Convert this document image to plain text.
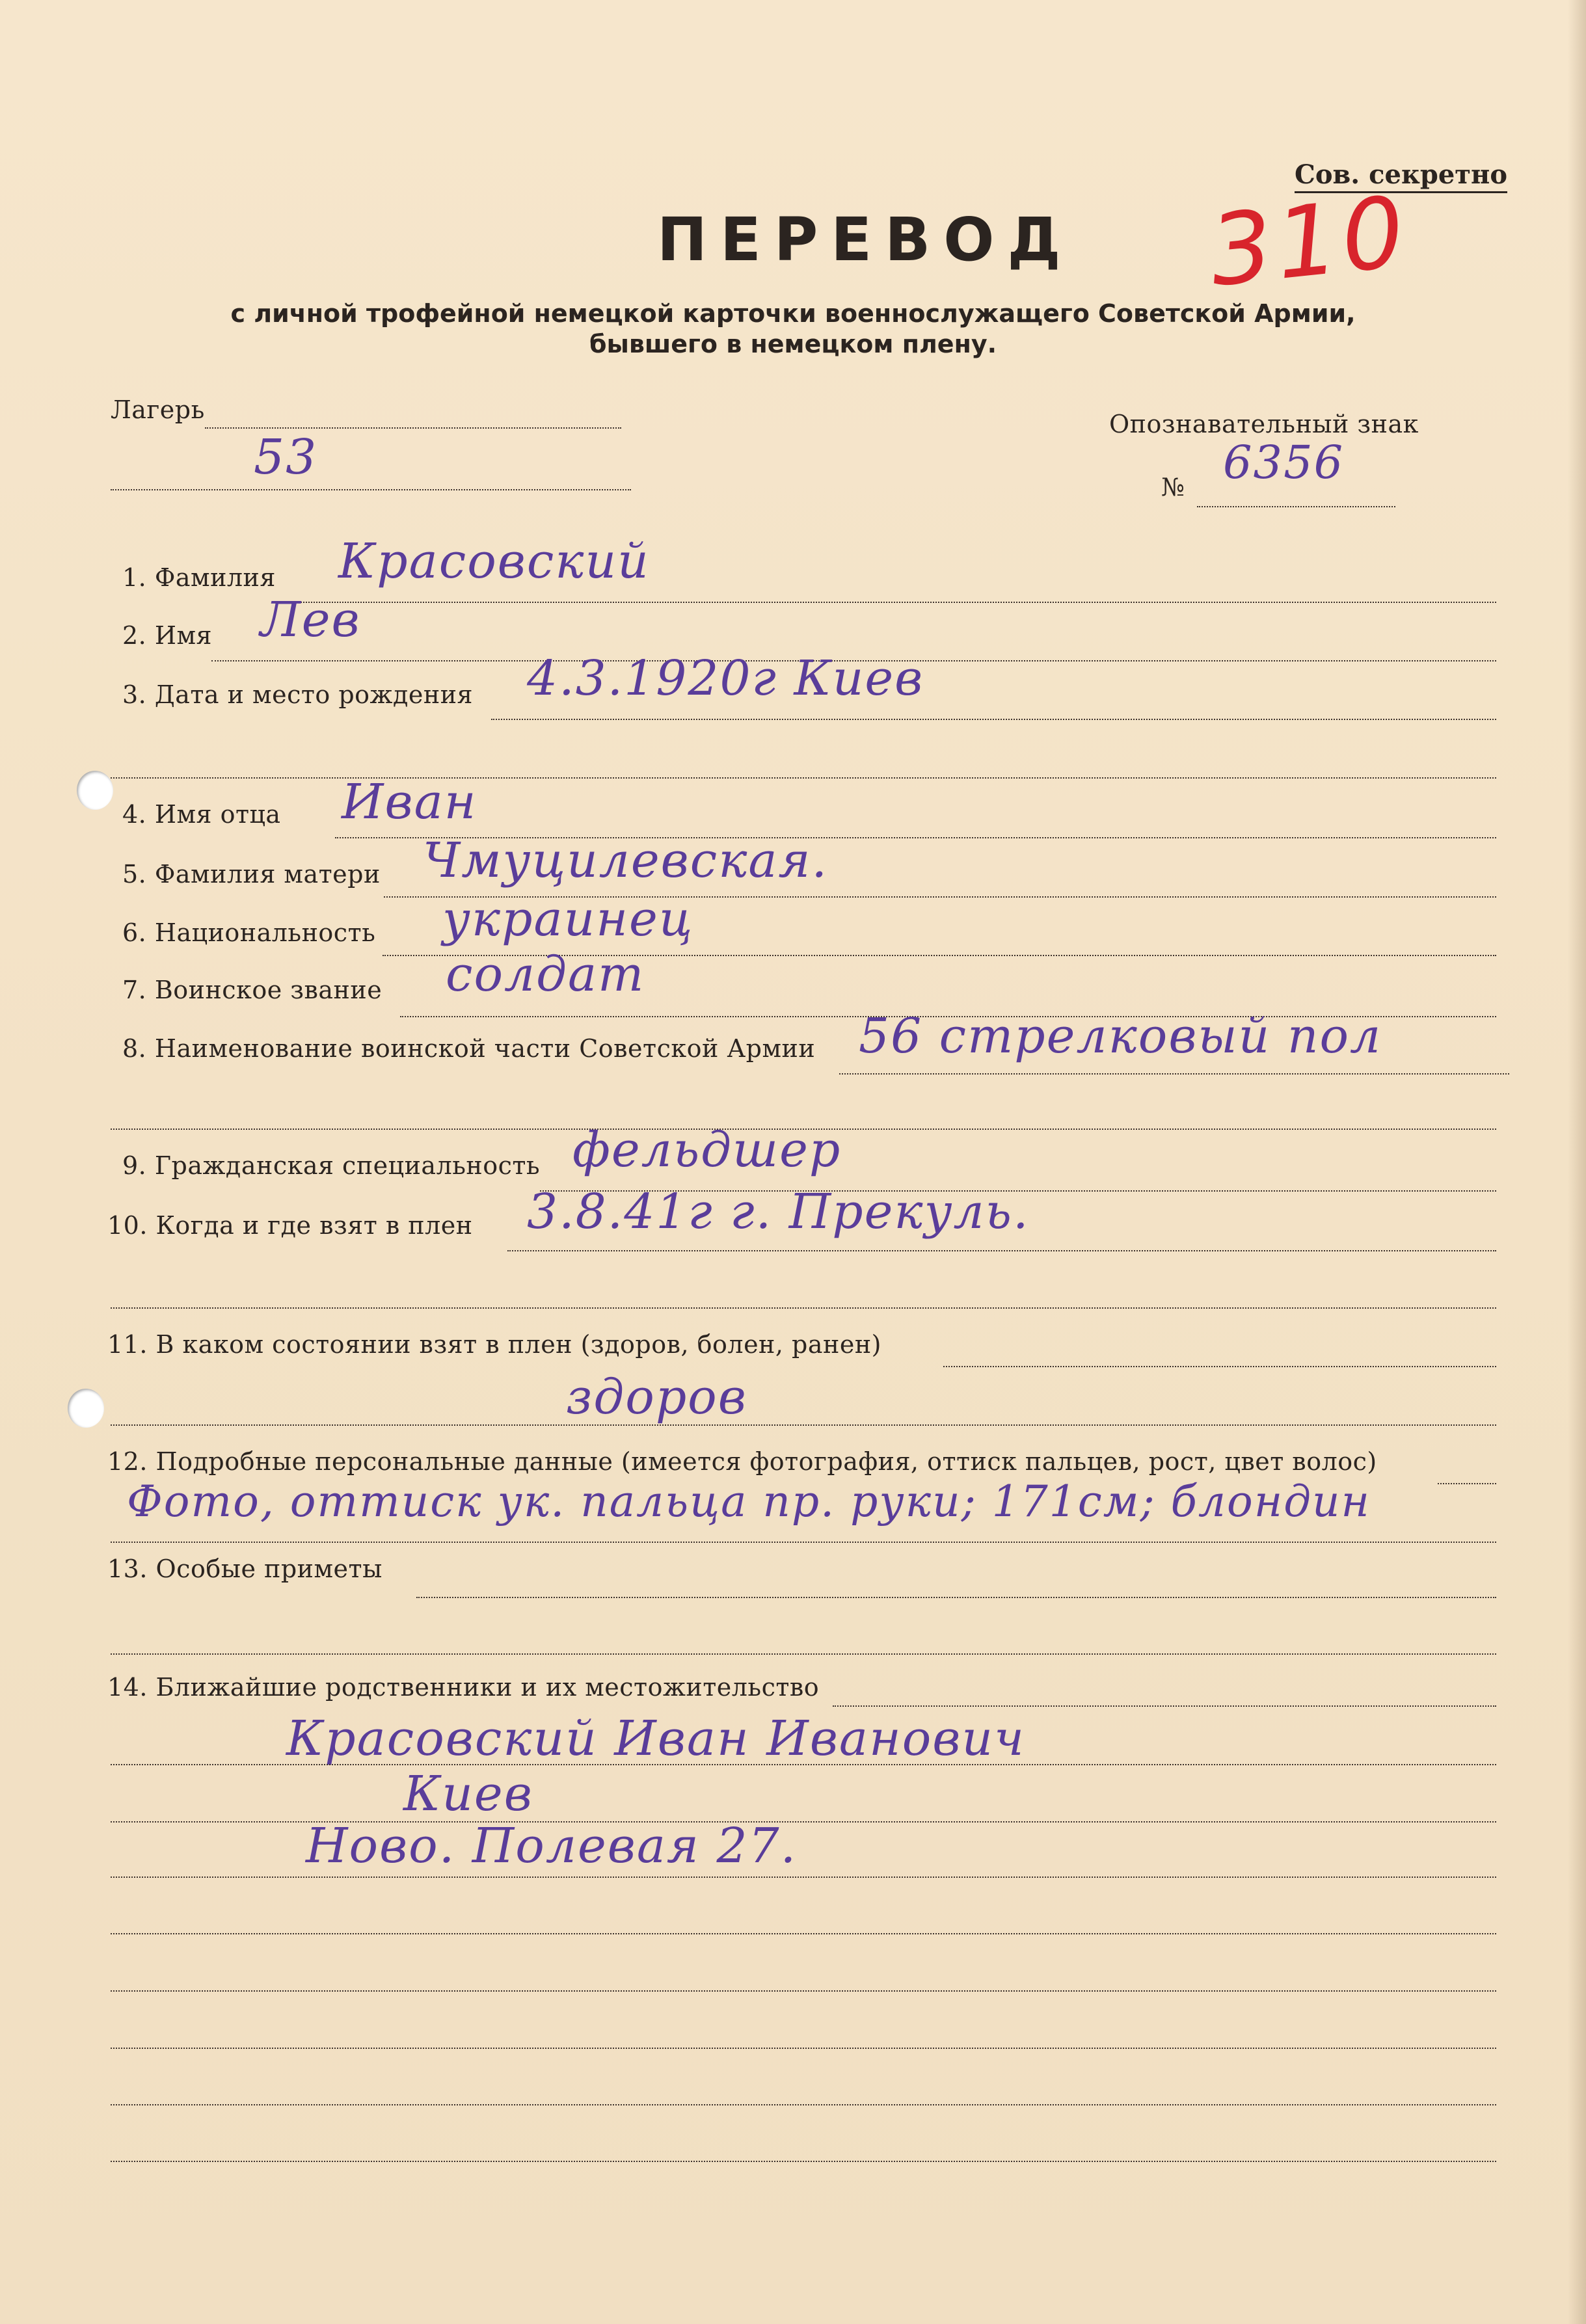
Сов. секретно
310
ПЕРЕВОД
с личной трофейной немецкой карточки военнослужащего Советской Армии,
бывшего в немецком плену.
Лагерь
53
Опознавательный знак
№ 6356
1. Фамилия Красовский
2. Имя Лев
3. Дата и место рождения 4.3.1920г Киев
4. Имя отца Иван
5. Фамилия матери Чмуцилевская.
6. Национальность украинец
7. Воинское звание солдат
8. Наименование воинской части Советской Армии 56 стрелковый пол
9. Гражданская специальность фельдшер
10. Когда и где взят в плен 3.8.41г г. Прекуль.
11. В каком состоянии взят в плен (здоров, болен, ранен)
здоров
12. Подробные персональные данные (имеется фотография, оттиск пальцев, рост, цвет волос)
Фото, оттиск ук. пальца пр. руки; 171см; блондин
13. Особые приметы
14. Ближайшие родственники и их местожительство
Красовский Иван Иванович
Киев
Ново. Полевая 27.
